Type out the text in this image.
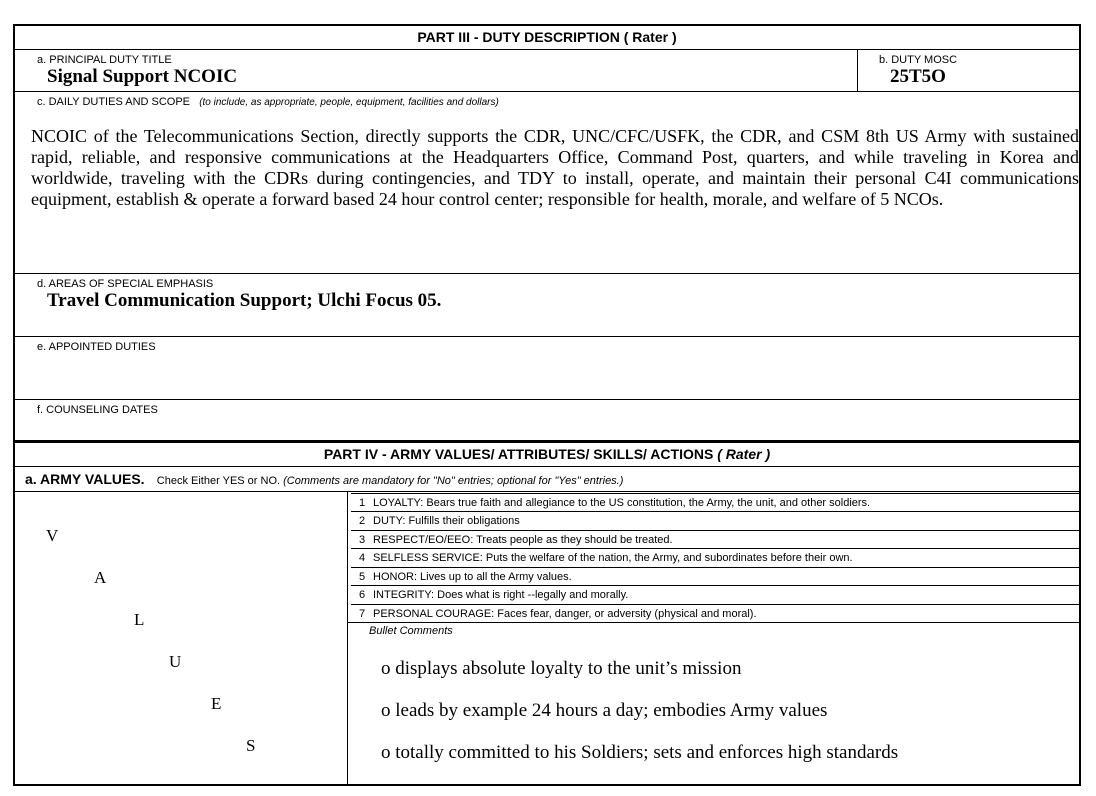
PART III - DUTY DESCRIPTION ( Rater )
a. PRINCIPAL DUTY TITLE
Signal Support NCOIC
b. DUTY MOSC
25T5O
c. DAILY DUTIES AND SCOPE (to include, as appropriate, people, equipment, facilities and dollars)
NCOIC of the Telecommunications Section, directly supports the CDR, UNC/CFC/USFK, the CDR, and CSM 8th US Army with sustained rapid, reliable, and responsive communications at the Headquarters Office, Command Post, quarters, and while traveling in Korea and worldwide, traveling with the CDRs during contingencies, and TDY to install, operate, and maintain their personal C4I communications equipment, establish & operate a forward based 24 hour control center; responsible for health, morale, and welfare of 5 NCOs.
d. AREAS OF SPECIAL EMPHASIS
Travel Communication Support; Ulchi Focus 05.
e. APPOINTED DUTIES
f. COUNSELING DATES
PART IV - ARMY VALUES/ ATTRIBUTES/ SKILLS/ ACTIONS ( Rater )
a. ARMY VALUES. Check Either YES or NO. (Comments are mandatory for "No" entries; optional for "Yes" entries.)
V
A
L
U
E
S
1 LOYALTY: Bears true faith and allegiance to the US constitution, the Army, the unit, and other soldiers.
2 DUTY: Fulfills their obligations
3 RESPECT/EO/EEO: Treats people as they should be treated.
4 SELFLESS SERVICE: Puts the welfare of the nation, the Army, and subordinates before their own.
5 HONOR: Lives up to all the Army values.
6 INTEGRITY: Does what is right --legally and morally.
7 PERSONAL COURAGE: Faces fear, danger, or adversity (physical and moral).
Bullet Comments
o displays absolute loyalty to the unit’s mission
o leads by example 24 hours a day; embodies Army values
o totally committed to his Soldiers; sets and enforces high standards
